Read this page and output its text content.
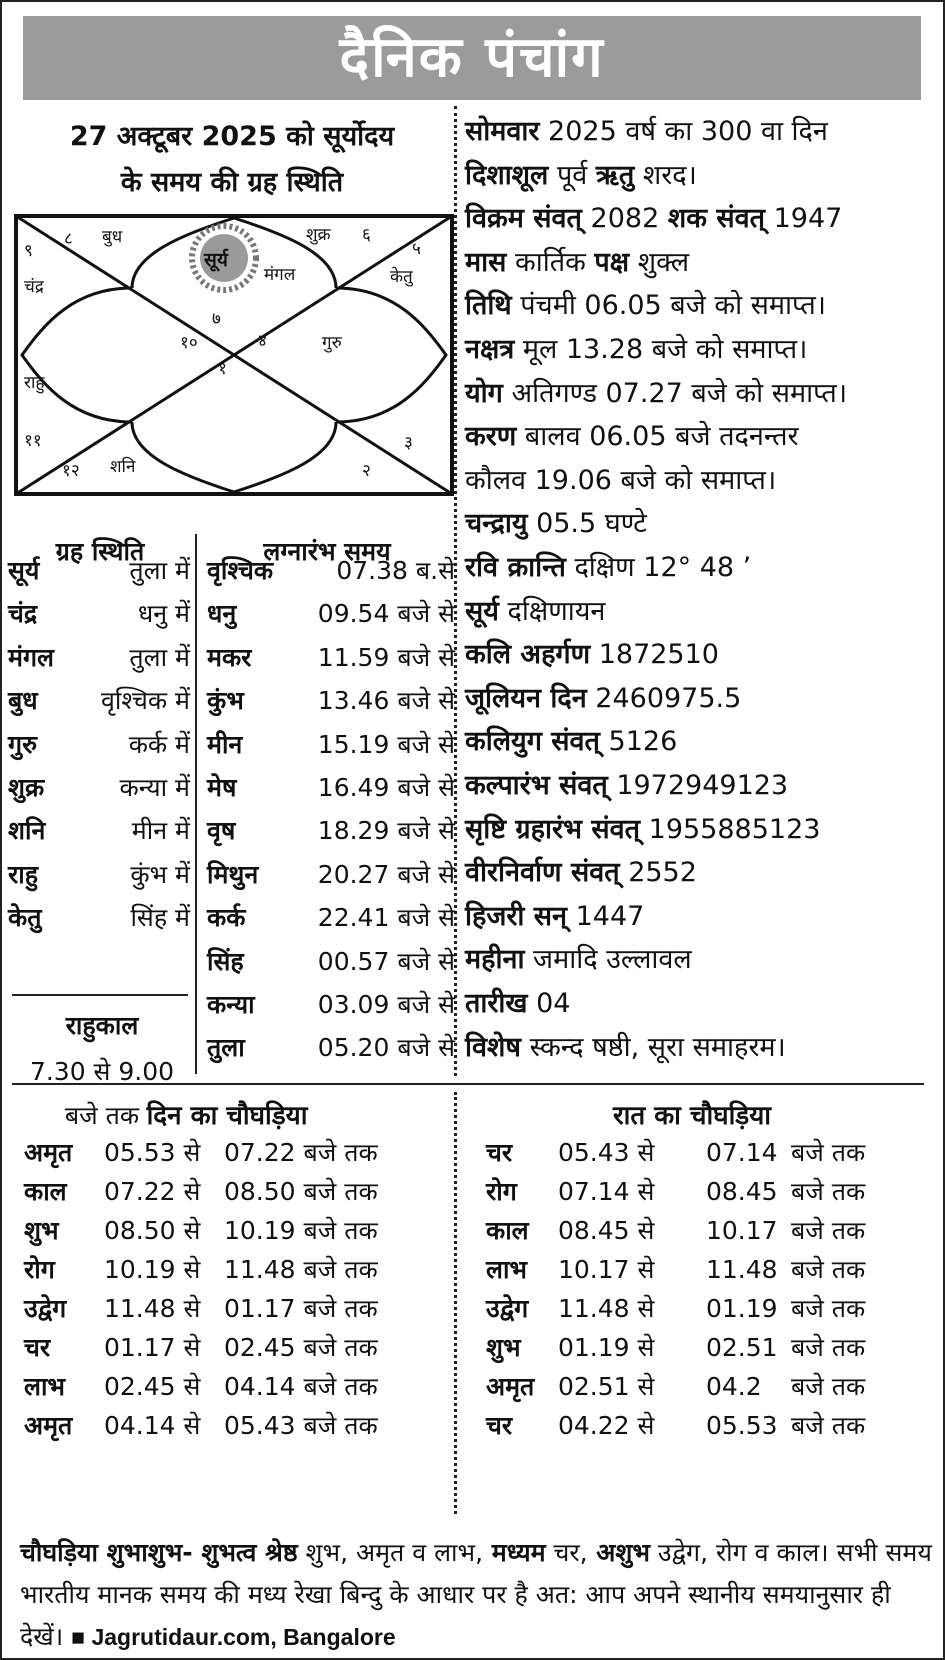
दैनिक पंचांग
27 अक्टूबर 2025 को सूर्योदय
के समय की ग्रह स्थिति
८ बुध	शुक्र ६
९	५
चंद्र	केतु
सूर्य
मंगल
७
१०	४	गुरु
१
राहु
११	३
१२ शनि	२
सोमवार 2025 वर्ष का 300 वा दिन
दिशाशूल पूर्व ऋतु शरद।
विक्रम संवत् 2082 शक संवत् 1947
मास कार्तिक पक्ष शुक्ल
तिथि पंचमी 06.05 बजे को समाप्त।
नक्षत्र मूल 13.28 बजे को समाप्त।
योग अतिगण्ड 07.27 बजे को समाप्त।
करण बालव 06.05 बजे तदनन्तर
कौलव 19.06 बजे को समाप्त।
चन्द्रायु 05.5 घण्टे
रवि क्रान्ति दक्षिण 12° 48 ’
सूर्य दक्षिणायन
कलि अहर्गण 1872510
जूलियन दिन 2460975.5
कलियुग संवत् 5126
कल्पारंभ संवत् 1972949123
सृष्टि ग्रहारंभ संवत् 1955885123
वीरनिर्वाण संवत् 2552
हिजरी सन् 1447
महीना जमादि उल्लावल
तारीख 04
विशेष स्कन्द षष्ठी, सूरा समाहरम।
ग्रह स्थिति
सूर्य	तुला में
चंद्र	धनु में
मंगल	तुला में
बुध	वृश्चिक में
गुरु	कर्क में
शुक्र	कन्या में
शनि	मीन में
राहु	कुंभ में
केतु	सिंह में
राहुकाल
7.30 से 9.00
बजे तक
लग्नारंभ समय
वृश्चिक	07.38 ब.से
धनु	09.54 बजे से
मकर	11.59 बजे से
कुंभ	13.46 बजे से
मीन	15.19 बजे से
मेष	16.49 बजे से
वृष	18.29 बजे से
मिथुन 20.27 बजे से
कर्क	22.41 बजे से
सिंह	00.57 बजे से
कन्या	03.09 बजे से
तुला	05.20 बजे से
दिन का चौघड़िया	रात का चौघड़िया
अमृत 05.53 से 07.22 बजे तक
काल 07.22 से 08.50 बजे तक
शुभ 08.50 से 10.19 बजे तक
रोग 10.19 से 11.48 बजे तक
उद्वेग 11.48 से 01.17 बजे तक
चर 01.17 से 02.45 बजे तक
लाभ 02.45 से 04.14 बजे तक
अमृत 04.14 से 05.43 बजे तक
चर 05.43 से 07.14 बजे तक
रोग 07.14 से 08.45 बजे तक
काल 08.45 से 10.17 बजे तक
लाभ 10.17 से 11.48 बजे तक
उद्वेग 11.48 से 01.19 बजे तक
शुभ 01.19 से 02.51 बजे तक
अमृत 02.51 से 04.2 बजे तक
चर 04.22 से 05.53 बजे तक
चौघड़िया शुभाशुभ- शुभत्व श्रेष्ठ शुभ, अमृत व लाभ, मध्यम चर, अशुभ उद्वेग, रोग व काल। सभी समय भारतीय मानक समय की मध्य रेखा बिन्दु के आधार पर है अत: आप अपने स्थानीय समयानुसार ही देखें। ■ Jagrutidaur.com, Bangalore
